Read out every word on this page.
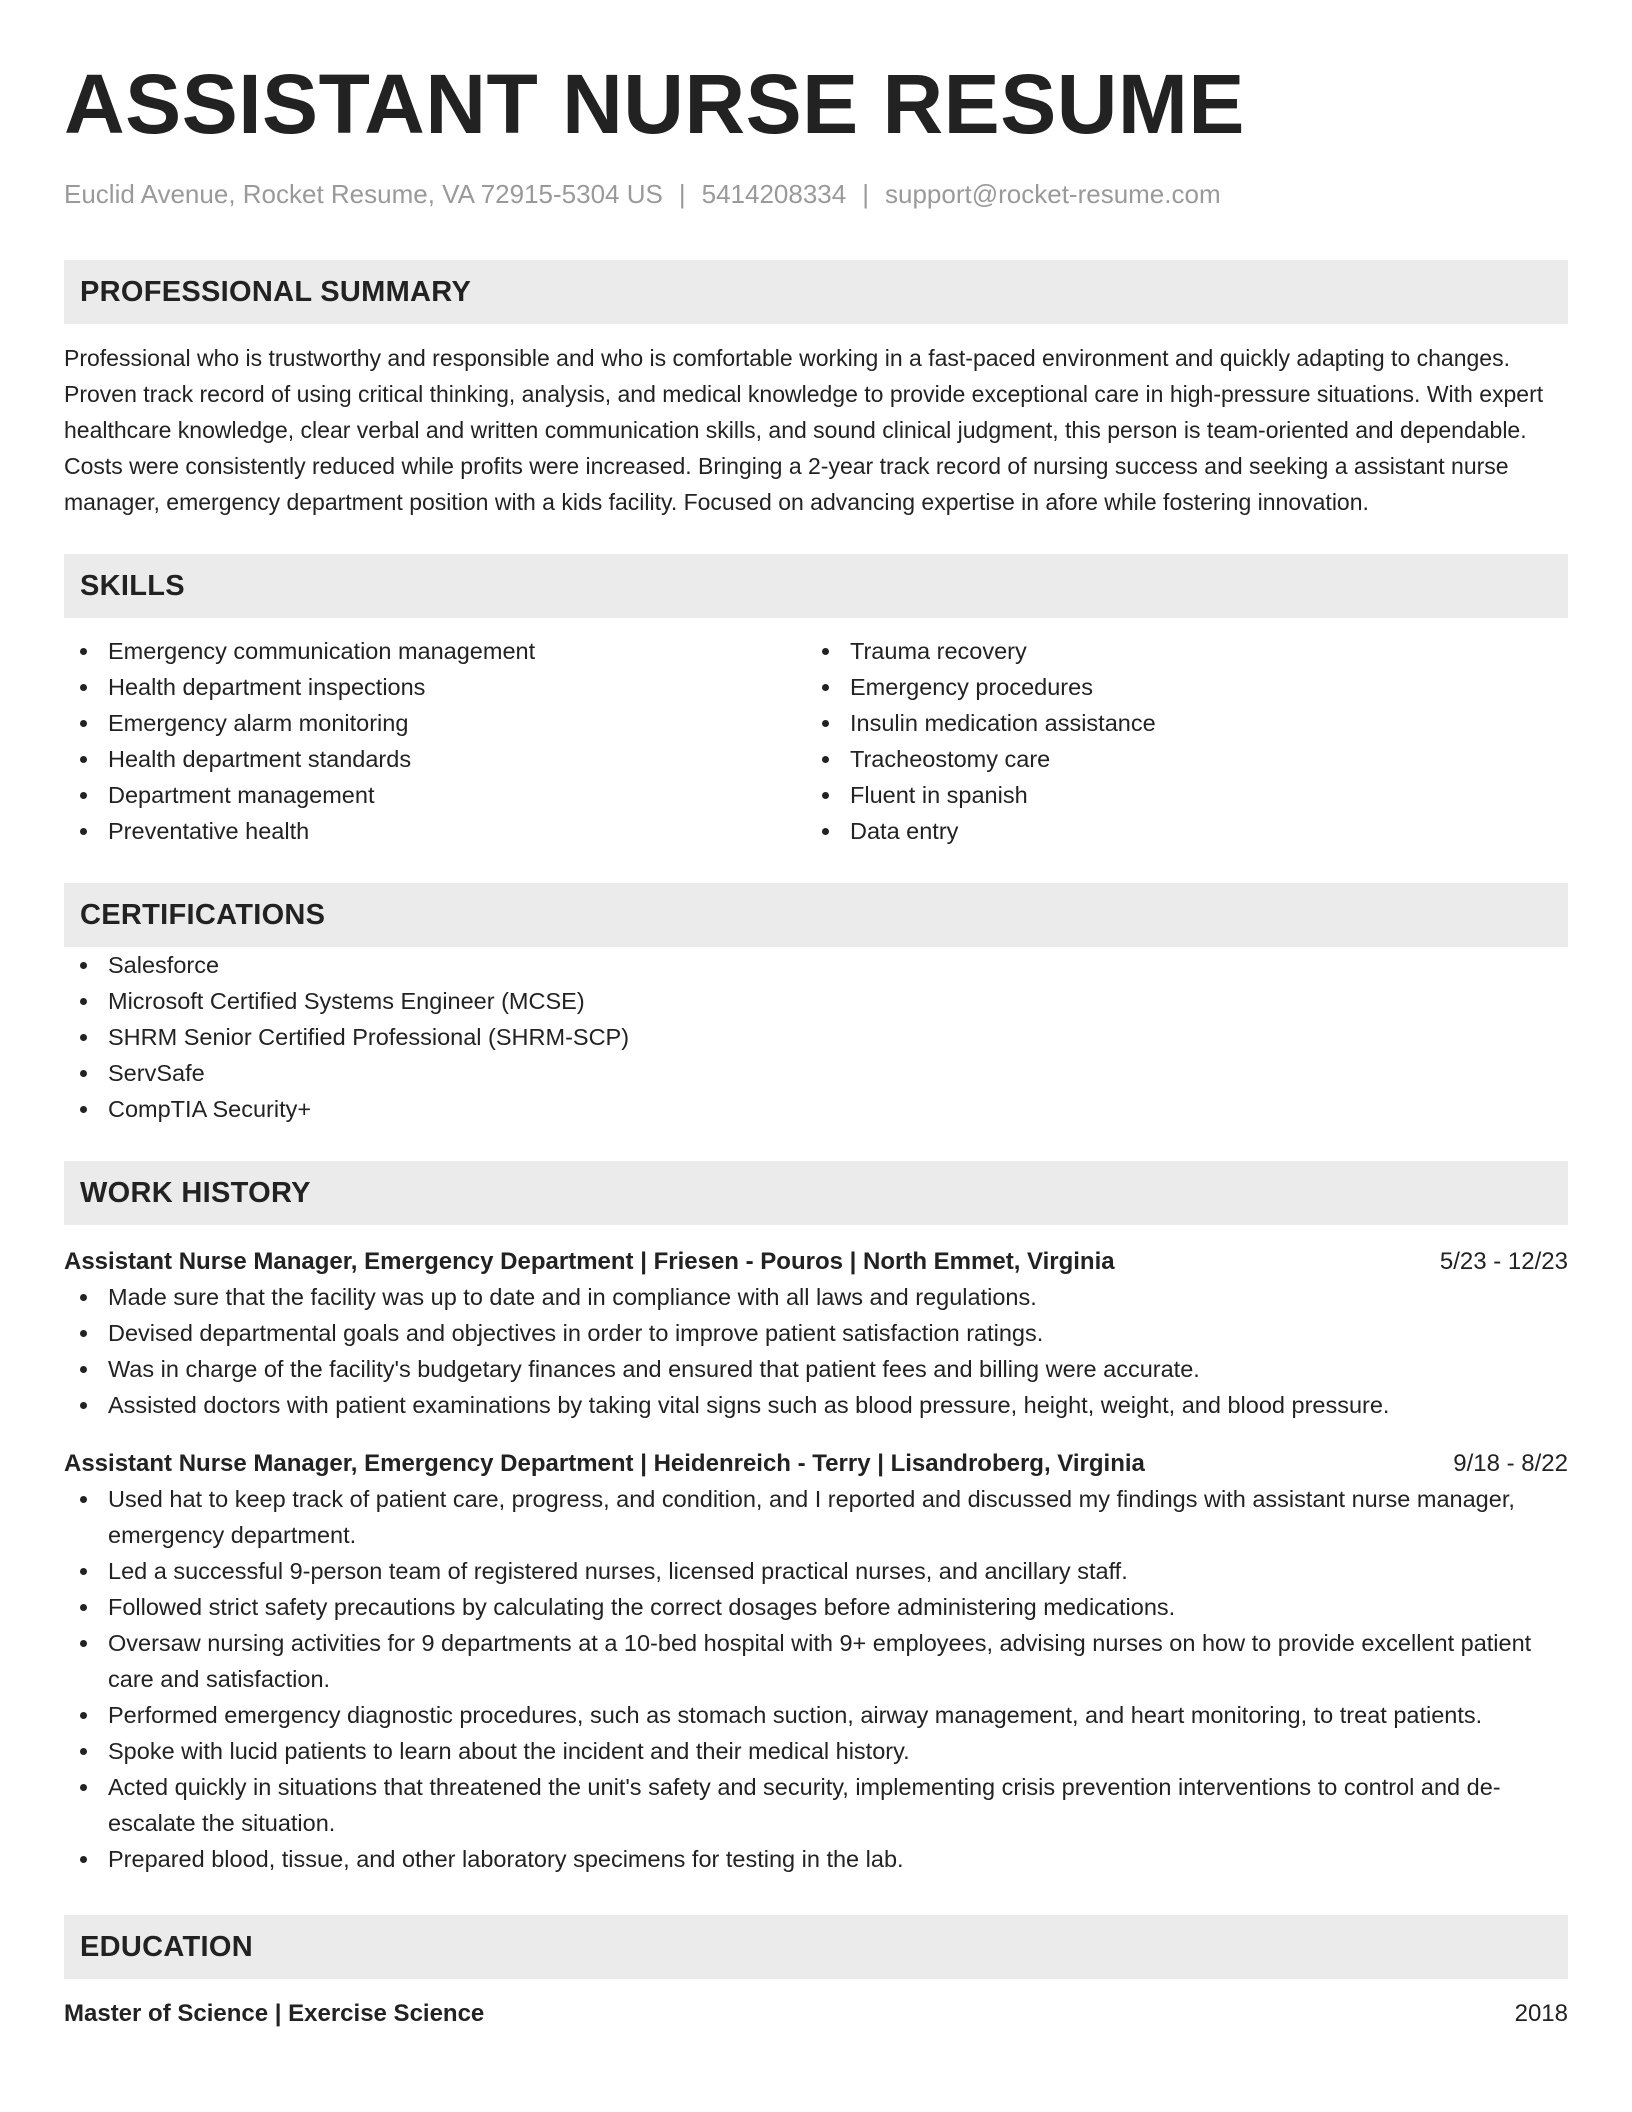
ASSISTANT NURSE RESUME
Euclid Avenue, Rocket Resume, VA 72915-5304 US | 5414208334 | support@rocket-resume.com
PROFESSIONAL SUMMARY

Professional who is trustworthy and responsible and who is comfortable working in a fast-paced environment and quickly adapting to changes. Proven track record of using critical thinking, analysis, and medical knowledge to provide exceptional care in high-pressure situations. With expert healthcare knowledge, clear verbal and written communication skills, and sound clinical judgment, this person is team-oriented and dependable. Costs were consistently reduced while profits were increased. Bringing a 2-year track record of nursing success and seeking a assistant nurse manager, emergency department position with a kids facility. Focused on advancing expertise in afore while fostering innovation.

SKILLS
Emergency communication management
Health department inspections
Emergency alarm monitoring
Health department standards
Department management
Preventative health
Trauma recovery
Emergency procedures
Insulin medication assistance
Tracheostomy care
Fluent in spanish
Data entry
CERTIFICATIONS
Salesforce
Microsoft Certified Systems Engineer (MCSE)
SHRM Senior Certified Professional (SHRM-SCP)
ServSafe
CompTIA Security+
WORK HISTORY
Assistant Nurse Manager, Emergency Department | Friesen - Pouros | North Emmet, Virginia	5/23 - 12/23
Made sure that the facility was up to date and in compliance with all laws and regulations.
Devised departmental goals and objectives in order to improve patient satisfaction ratings.
Was in charge of the facility's budgetary finances and ensured that patient fees and billing were accurate.
Assisted doctors with patient examinations by taking vital signs such as blood pressure, height, weight, and blood pressure.
Assistant Nurse Manager, Emergency Department | Heidenreich - Terry | Lisandroberg, Virginia	9/18 - 8/22
Used hat to keep track of patient care, progress, and condition, and I reported and discussed my findings with assistant nurse manager, emergency department.
Led a successful 9-person team of registered nurses, licensed practical nurses, and ancillary staff.
Followed strict safety precautions by calculating the correct dosages before administering medications.
Oversaw nursing activities for 9 departments at a 10-bed hospital with 9+ employees, advising nurses on how to provide excellent patient care and satisfaction.
Performed emergency diagnostic procedures, such as stomach suction, airway management, and heart monitoring, to treat patients.
Spoke with lucid patients to learn about the incident and their medical history.
Acted quickly in situations that threatened the unit's safety and security, implementing crisis prevention interventions to control and de-escalate the situation.
Prepared blood, tissue, and other laboratory specimens for testing in the lab.
EDUCATION
Master of Science | Exercise Science	2018
